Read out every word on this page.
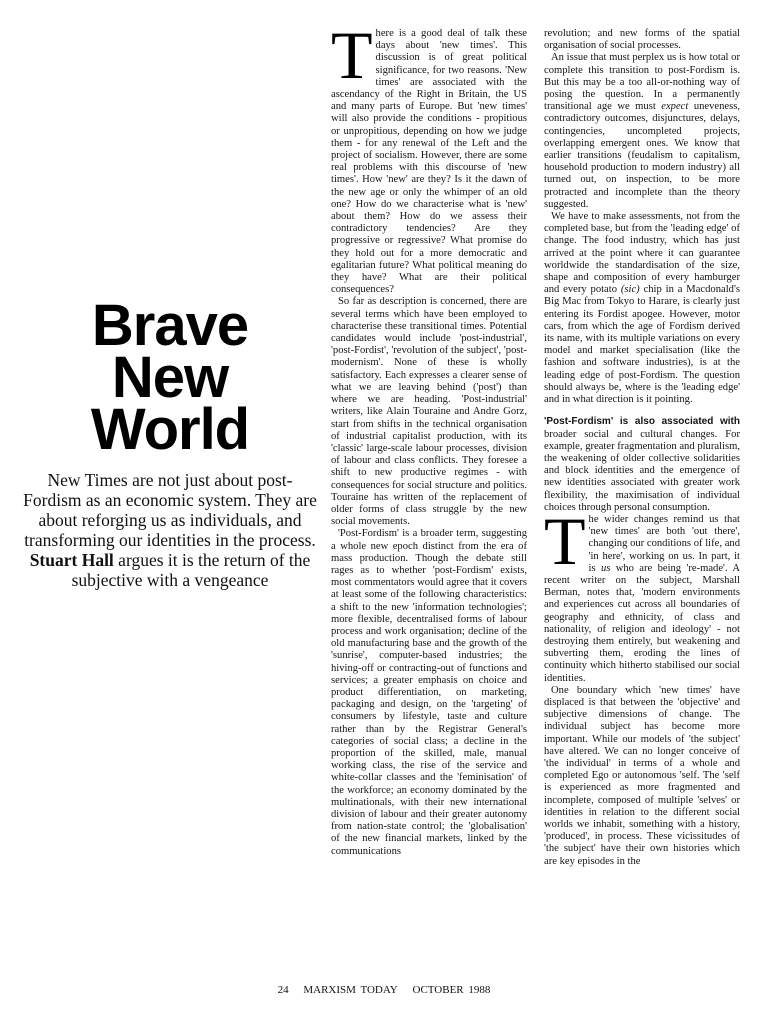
Brave
New
World
New Times are not just about post-Fordism as an economic system. They are about reforging us as individuals, and transforming our identities in the process. Stuart Hall argues it is the return of the subjective with a vengeance

There is a good deal of talk these days about 'new times'. This discussion is of great political significance, for two reasons. 'New times' are associated with the ascendancy of the Right in Britain, the US and many parts of Europe. But 'new times' will also provide the conditions - propitious or unpropitious, depending on how we judge them - for any renewal of the Left and the project of socialism. However, there are some real problems with this discourse of 'new times'. How 'new' are they? Is it the dawn of the new age or only the whimper of an old one? How do we characterise what is 'new' about them? How do we assess their contradictory tendencies? Are they progressive or regressive? What promise do they hold out for a more democratic and egalitarian future? What political meaning do they have? What are their political consequences?

So far as description is concerned, there are several terms which have been employed to characterise these transitional times. Potential candidates would include 'post-industrial', 'post-Fordist', 'revolution of the subject', 'post-modernism'. None of these is wholly satisfactory. Each expresses a clearer sense of what we are leaving behind ('post') than where we are heading. 'Post-industrial' writers, like Alain Touraine and Andre Gorz, start from shifts in the technical organisation of industrial capitalist production, with its 'classic' large-scale labour processes, division of labour and class conflicts. They foresee a shift to new productive regimes - with consequences for social structure and politics. Touraine has written of the replacement of older forms of class struggle by the new social movements.

'Post-Fordism' is a broader term, suggesting a whole new epoch distinct from the era of mass production. Though the debate still rages as to whether 'post-Fordism' exists, most commentators would agree that it covers at least some of the following characteristics: a shift to the new 'information technologies'; more flexible, decentralised forms of labour process and work organisation; decline of the old manufacturing base and the growth of the 'sunrise', computer-based industries; the hiving-off or contracting-out of functions and services; a greater emphasis on choice and product differentiation, on marketing, packaging and design, on the 'targeting' of consumers by lifestyle, taste and culture rather than by the Registrar General's categories of social class; a decline in the proportion of the skilled, male, manual working class, the rise of the service and white-collar classes and the 'feminisation' of the workforce; an economy dominated by the multinationals, with their new international division of labour and their greater autonomy from nation-state control; the 'globalisation' of the new financial markets, linked by the communications

revolution; and new forms of the spatial organisation of social processes.

An issue that must perplex us is how total or complete this transition to post-Fordism is. But this may be a too all-or-nothing way of posing the question. In a permanently transitional age we must expect uneveness, contradictory outcomes, disjunctures, delays, contingencies, uncompleted projects, overlapping emergent ones. We know that earlier transitions (feudalism to capitalism, household production to modern industry) all turned out, on inspection, to be more protracted and incomplete than the theory suggested.

We have to make assessments, not from the completed base, but from the 'leading edge' of change. The food industry, which has just arrived at the point where it can guarantee worldwide the standardisation of the size, shape and composition of every hamburger and every potato (sic) chip in a Macdonald's Big Mac from Tokyo to Harare, is clearly just entering its Fordist apogee. However, motor cars, from which the age of Fordism derived its name, with its multiple variations on every model and market specialisation (like the fashion and software industries), is at the leading edge of post-Fordism. The question should always be, where is the 'leading edge' and in what direction is it pointing.

'Post-Fordism' is also associated with broader social and cultural changes. For example, greater fragmentation and pluralism, the weakening of older collective solidarities and block identities and the emergence of new identities associated with greater work flexibility, the maximisation of individual choices through personal consumption.

The wider changes remind us that 'new times' are both 'out there', changing our conditions of life, and 'in here', working on us. In part, it is us who are being 're-made'. A recent writer on the subject, Marshall Berman, notes that, 'modern environments and experiences cut across all boundaries of geography and ethnicity, of class and nationality, of religion and ideology' - not destroying them entirely, but weakening and subverting them, eroding the lines of continuity which hitherto stabilised our social identities.

One boundary which 'new times' have displaced is that between the 'objective' and subjective dimensions of change. The individual subject has become more important. While our models of 'the subject' have altered. We can no longer conceive of 'the individual' in terms of a whole and completed Ego or autonomous 'self. The 'self is experienced as more fragmented and incomplete, composed of multiple 'selves' or identities in relation to the different social worlds we inhabit, something with a history, 'produced', in process. These vicissitudes of 'the subject' have their own histories which are key episodes in the

24 MARXISM TODAY OCTOBER 1988
